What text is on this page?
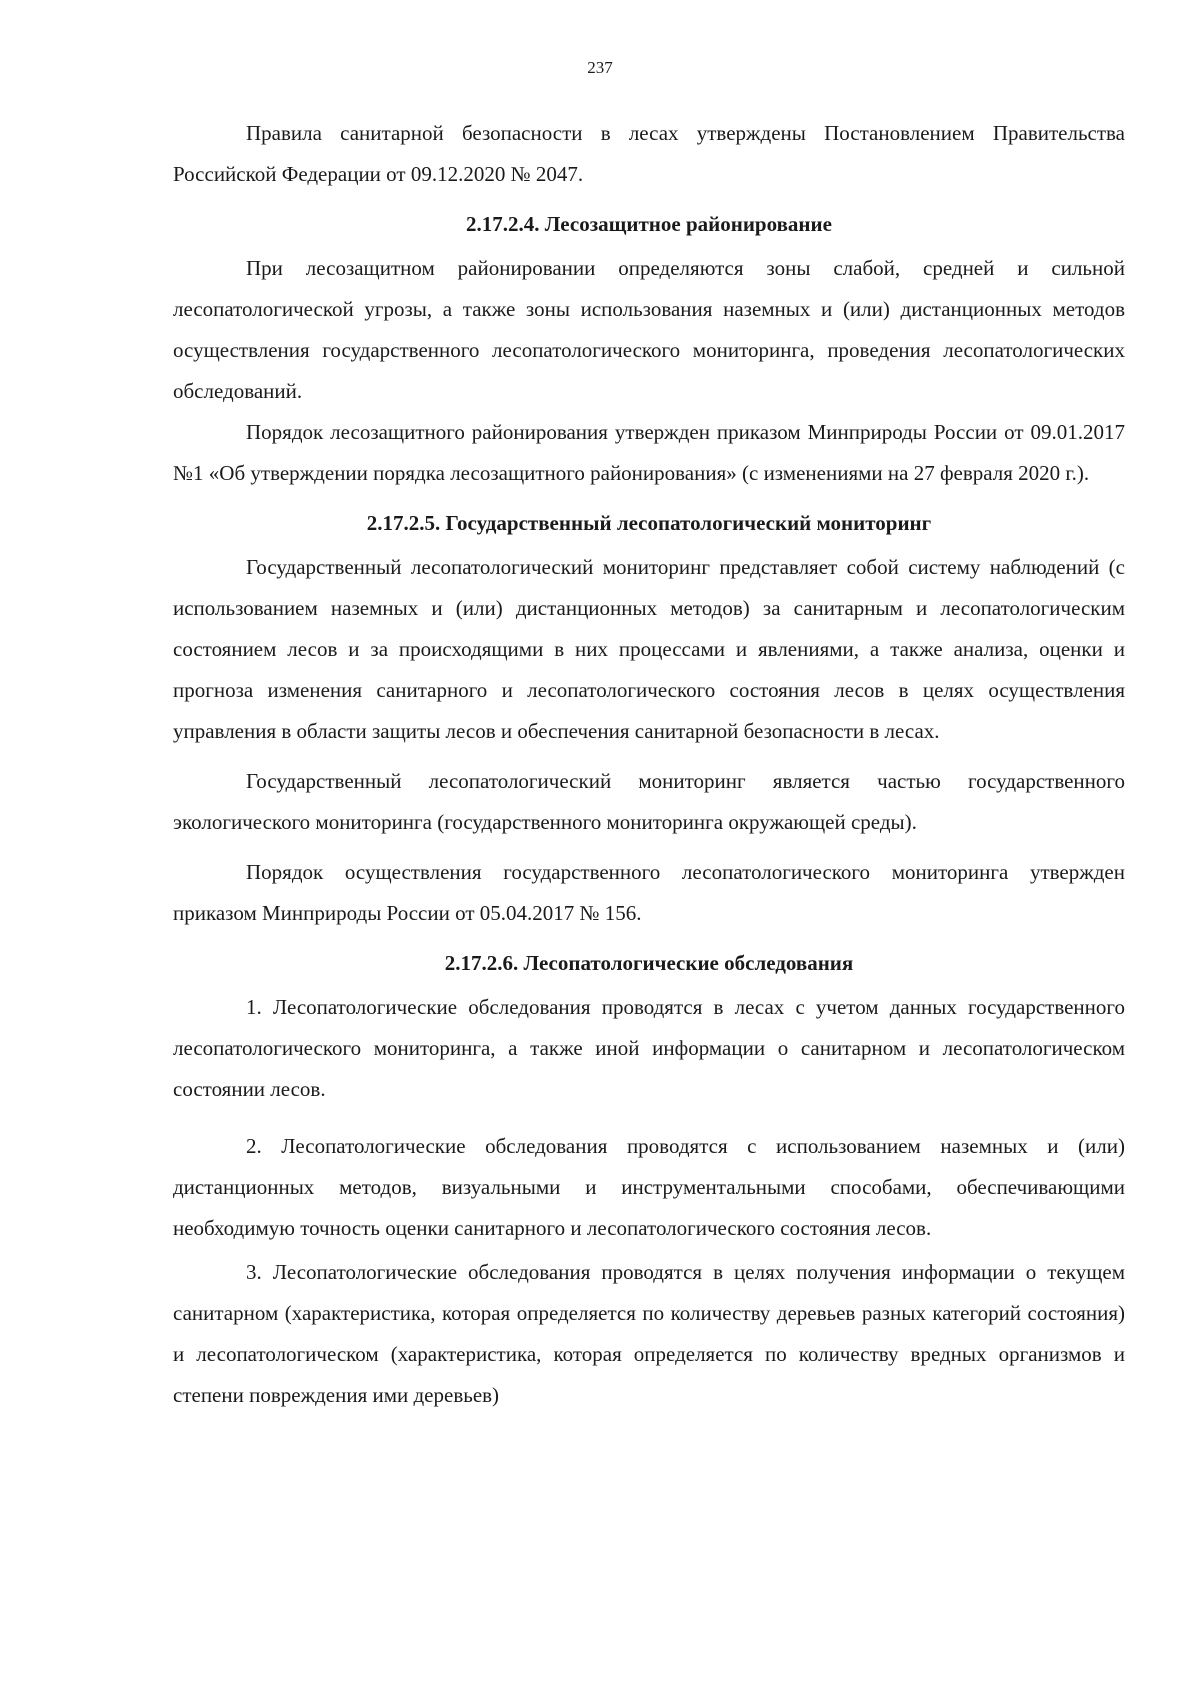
237

Правила санитарной безопасности в лесах утверждены Постановлением Правительства Российской Федерации от 09.12.2020 № 2047.

2.17.2.4. Лесозащитное районирование

При лесозащитном районировании определяются зоны слабой, средней и сильной лесопатологической угрозы, а также зоны использования наземных и (или) дистанционных методов осуществления государственного лесопатологического мониторинга, проведения лесопатологических обследований.

Порядок лесозащитного районирования утвержден приказом Минприроды России от 09.01.2017 №1 «Об утверждении порядка лесозащитного районирования» (с изменениями на 27 февраля 2020 г.).

2.17.2.5. Государственный лесопатологический мониторинг

Государственный лесопатологический мониторинг представляет собой систему наблюдений (с использованием наземных и (или) дистанционных методов) за санитарным и лесопатологическим состоянием лесов и за происходящими в них процессами и явлениями, а также анализа, оценки и прогноза изменения санитарного и лесопатологического состояния лесов в целях осуществления управления в области защиты лесов и обеспечения санитарной безопасности в лесах.

Государственный лесопатологический мониторинг является частью государственного экологического мониторинга (государственного мониторинга окружающей среды).

Порядок осуществления государственного лесопатологического мониторинга утвержден приказом Минприроды России от 05.04.2017 № 156.

2.17.2.6. Лесопатологические обследования

1. Лесопатологические обследования проводятся в лесах с учетом данных государственного лесопатологического мониторинга, а также иной информации о санитарном и лесопатологическом состоянии лесов.

2. Лесопатологические обследования проводятся с использованием наземных и (или) дистанционных методов, визуальными и инструментальными способами, обеспечивающими необходимую точность оценки санитарного и лесопатологического состояния лесов.

3. Лесопатологические обследования проводятся в целях получения информации о текущем санитарном (характеристика, которая определяется по количеству деревьев разных категорий состояния) и лесопатологическом (характеристика, которая определяется по количеству вредных организмов и степени повреждения ими деревьев)
